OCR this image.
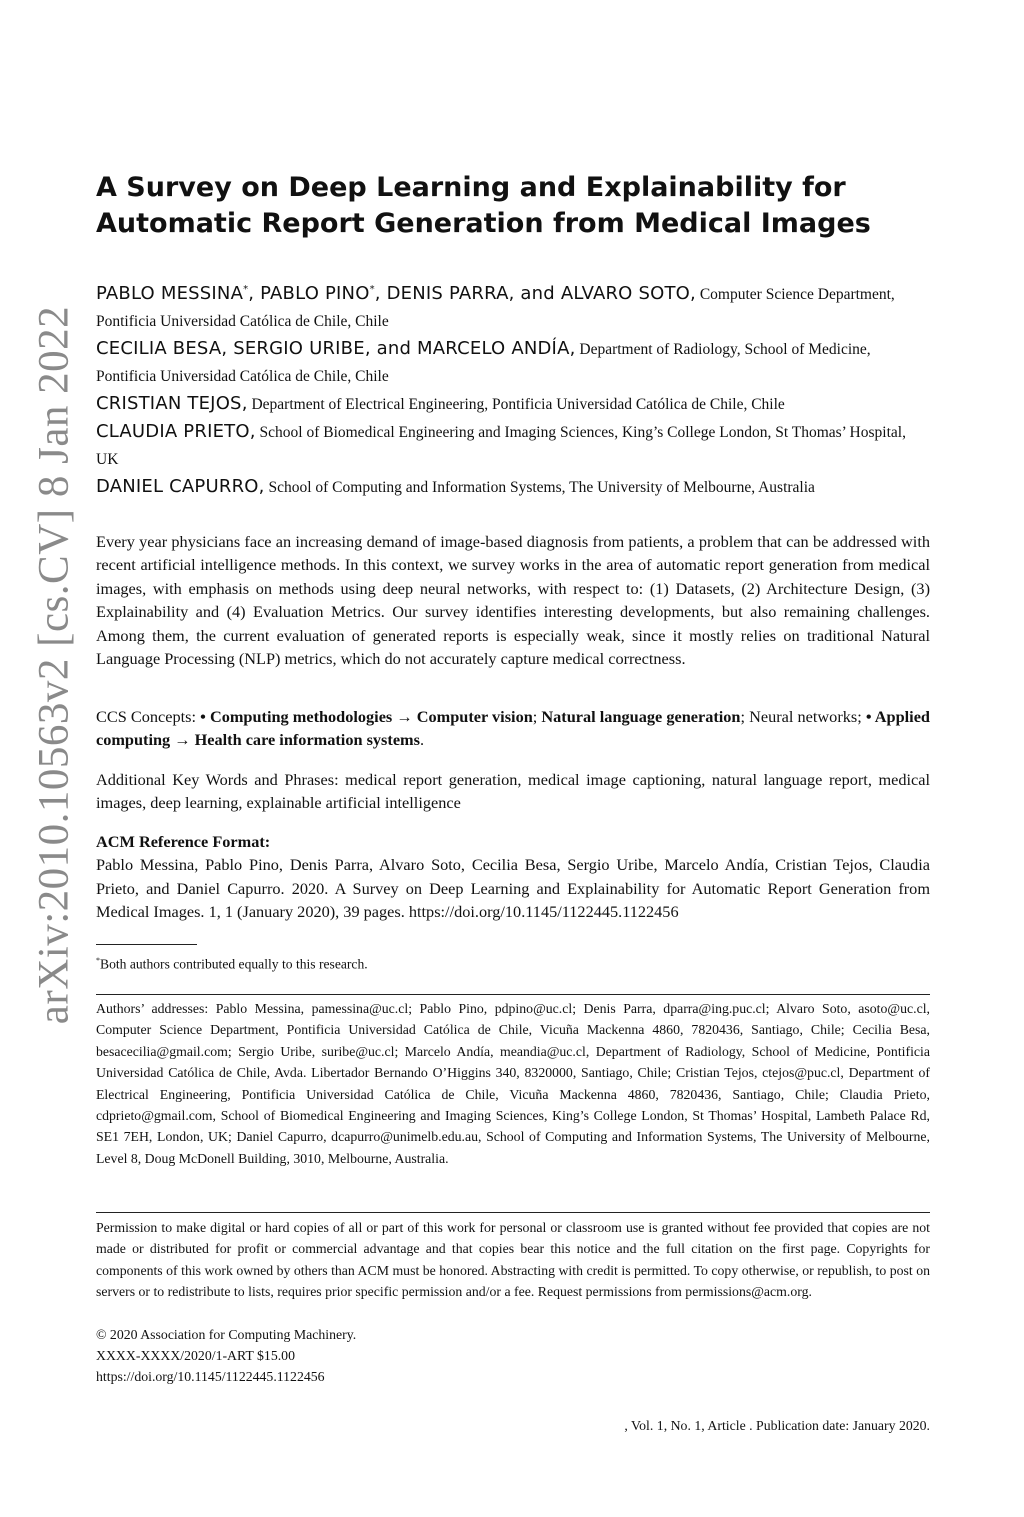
arXiv:2010.10563v2 [cs.CV] 8 Jan 2022
A Survey on Deep Learning and Explainability for
Automatic Report Generation from Medical Images
PABLO MESSINA*, PABLO PINO*, DENIS PARRA, and ALVARO SOTO, Computer Science Department, Pontificia Universidad Católica de Chile, Chile
CECILIA BESA, SERGIO URIBE, and MARCELO ANDÍA, Department of Radiology, School of Medicine, Pontificia Universidad Católica de Chile, Chile
CRISTIAN TEJOS, Department of Electrical Engineering, Pontificia Universidad Católica de Chile, Chile
CLAUDIA PRIETO, School of Biomedical Engineering and Imaging Sciences, King’s College London, St Thomas’ Hospital, UK
DANIEL CAPURRO, School of Computing and Information Systems, The University of Melbourne, Australia

Every year physicians face an increasing demand of image-based diagnosis from patients, a problem that can be addressed with recent artificial intelligence methods. In this context, we survey works in the area of automatic report generation from medical images, with emphasis on methods using deep neural networks, with respect to: (1) Datasets, (2) Architecture Design, (3) Explainability and (4) Evaluation Metrics. Our survey identifies interesting developments, but also remaining challenges. Among them, the current evaluation of generated reports is especially weak, since it mostly relies on traditional Natural Language Processing (NLP) metrics, which do not accurately capture medical correctness.

CCS Concepts: • Computing methodologies → Computer vision; Natural language generation; Neural networks; • Applied computing → Health care information systems.

Additional Key Words and Phrases: medical report generation, medical image captioning, natural language report, medical images, deep learning, explainable artificial intelligence

ACM Reference Format:
Pablo Messina, Pablo Pino, Denis Parra, Alvaro Soto, Cecilia Besa, Sergio Uribe, Marcelo Andía, Cristian Tejos, Claudia Prieto, and Daniel Capurro. 2020. A Survey on Deep Learning and Explainability for Automatic Report Generation from Medical Images. 1, 1 (January 2020), 39 pages. https://doi.org/10.1145/1122445.1122456

*Both authors contributed equally to this research.

Authors’ addresses: Pablo Messina, pamessina@uc.cl; Pablo Pino, pdpino@uc.cl; Denis Parra, dparra@ing.puc.cl; Alvaro Soto, asoto@uc.cl, Computer Science Department, Pontificia Universidad Católica de Chile, Vicuña Mackenna 4860, 7820436, Santiago, Chile; Cecilia Besa, besacecilia@gmail.com; Sergio Uribe, suribe@uc.cl; Marcelo Andía, meandia@uc.cl, Department of Radiology, School of Medicine, Pontificia Universidad Católica de Chile, Avda. Libertador Bernando O’Higgins 340, 8320000, Santiago, Chile; Cristian Tejos, ctejos@puc.cl, Department of Electrical Engineering, Pontificia Universidad Católica de Chile, Vicuña Mackenna 4860, 7820436, Santiago, Chile; Claudia Prieto, cdprieto@gmail.com, School of Biomedical Engineering and Imaging Sciences, King’s College London, St Thomas’ Hospital, Lambeth Palace Rd, SE1 7EH, London, UK; Daniel Capurro, dcapurro@unimelb.edu.au, School of Computing and Information Systems, The University of Melbourne, Level 8, Doug McDonell Building, 3010, Melbourne, Australia.

Permission to make digital or hard copies of all or part of this work for personal or classroom use is granted without fee provided that copies are not made or distributed for profit or commercial advantage and that copies bear this notice and the full citation on the first page. Copyrights for components of this work owned by others than ACM must be honored. Abstracting with credit is permitted. To copy otherwise, or republish, to post on servers or to redistribute to lists, requires prior specific permission and/or a fee. Request permissions from permissions@acm.org.

© 2020 Association for Computing Machinery.
XXXX-XXXX/2020/1-ART $15.00
https://doi.org/10.1145/1122445.1122456
, Vol. 1, No. 1, Article . Publication date: January 2020.
